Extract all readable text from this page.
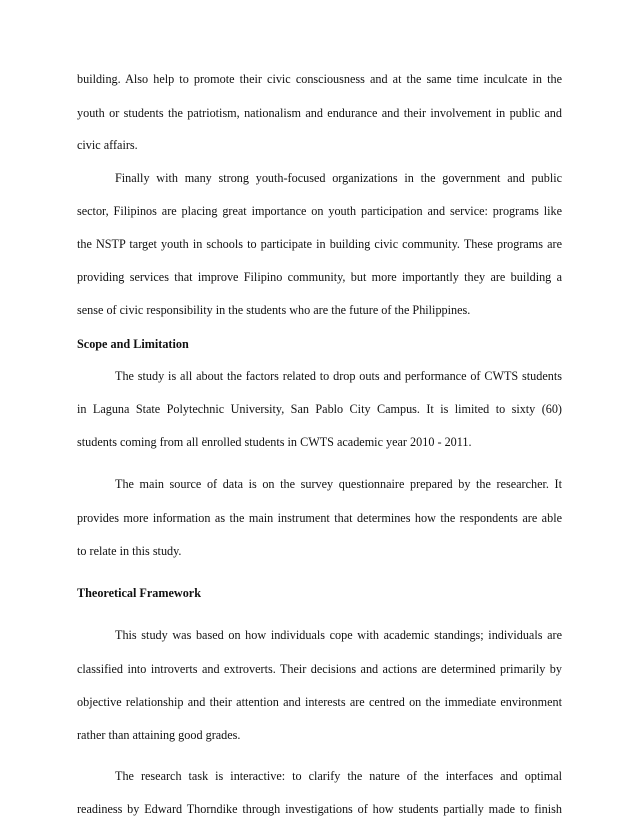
building. Also help to promote their civic consciousness and at the same time inculcate in the
youth or students the patriotism, nationalism and endurance and their involvement in public and
civic affairs.
Finally with many strong youth-focused organizations in the government and public
sector, Filipinos are placing great importance on youth participation and service: programs like
the NSTP target youth in schools to participate in building civic community. These programs are
providing services that improve Filipino community, but more importantly they are building a
sense of civic responsibility in the students who are the future of the Philippines.
Scope and Limitation
The study is all about the factors related to drop outs and performance of CWTS students
in Laguna State Polytechnic University, San Pablo City Campus. It is limited to sixty (60)
students coming from all enrolled students in CWTS academic year 2010 - 2011.
The main source of data is on the survey questionnaire prepared by the researcher. It
provides more information as the main instrument that determines how the respondents are able
to relate in this study.
Theoretical Framework
This study was based on how individuals cope with academic standings; individuals are
classified into introverts and extroverts. Their decisions and actions are determined primarily by
objective relationship and their attention and interests are centred on the immediate environment
rather than attaining good grades.
The research task is interactive: to clarify the nature of the interfaces and optimal
readiness by Edward Thorndike through investigations of how students partially made to finish
